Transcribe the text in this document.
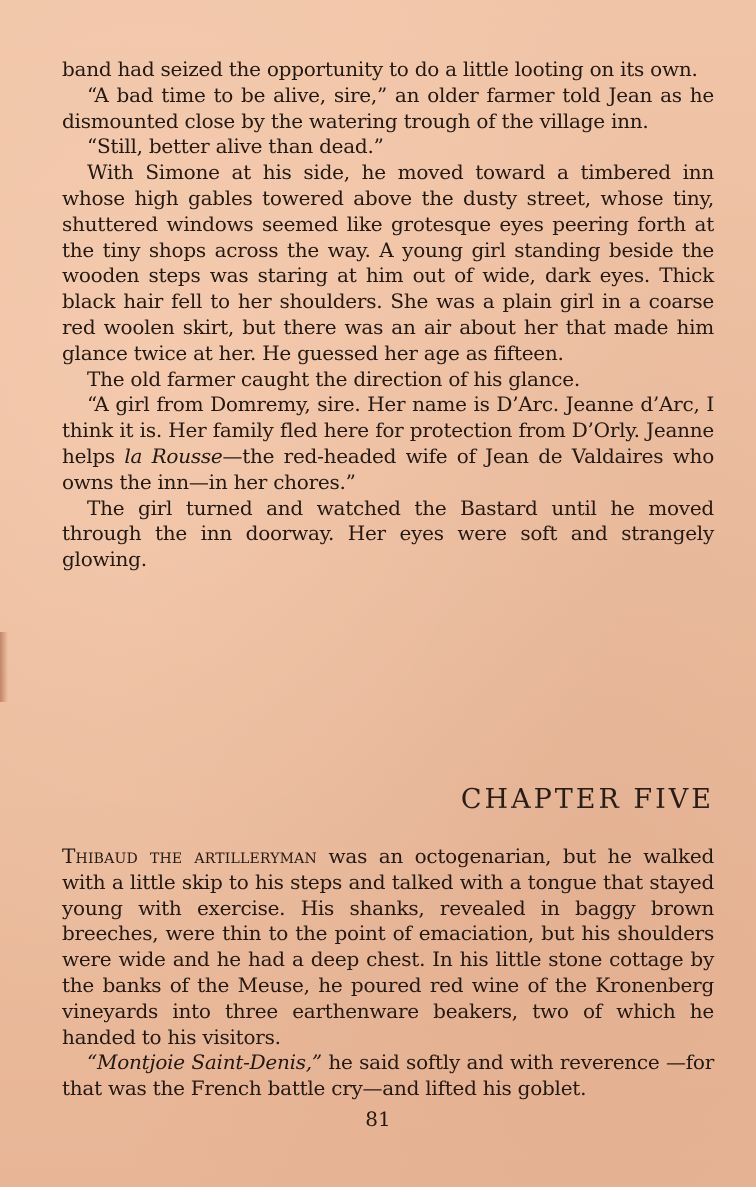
band had seized the opportunity to do a little looting on its own.

“A bad time to be alive, sire,” an older farmer told Jean as he dismounted close by the watering trough of the village inn.

“Still, better alive than dead.”

With Simone at his side, he moved toward a timbered inn whose high gables towered above the dusty street, whose tiny, shuttered windows seemed like grotesque eyes peering forth at the tiny shops across the way. A young girl standing beside the wooden steps was staring at him out of wide, dark eyes. Thick black hair fell to her shoulders. She was a plain girl in a coarse red woolen skirt, but there was an air about her that made him glance twice at her. He guessed her age as fifteen.

The old farmer caught the direction of his glance.

“A girl from Domremy, sire. Her name is D’Arc. Jeanne d’Arc, I think it is. Her family fled here for protection from D’Orly. Jeanne helps la Rousse—the red-headed wife of Jean de Valdaires who owns the inn—in her chores.”

The girl turned and watched the Bastard until he moved through the inn doorway. Her eyes were soft and strangely glowing.

CHAPTER FIVE

Thibaud the artilleryman was an octogenarian, but he walked with a little skip to his steps and talked with a tongue that stayed young with exercise. His shanks, revealed in baggy brown breeches, were thin to the point of emaciation, but his shoulders were wide and he had a deep chest. In his little stone cottage by the banks of the Meuse, he poured red wine of the Kronenberg vineyards into three earthenware beakers, two of which he handed to his visitors.

“Montjoie Saint-Denis,” he said softly and with reverence —for that was the French battle cry—and lifted his goblet.

81
